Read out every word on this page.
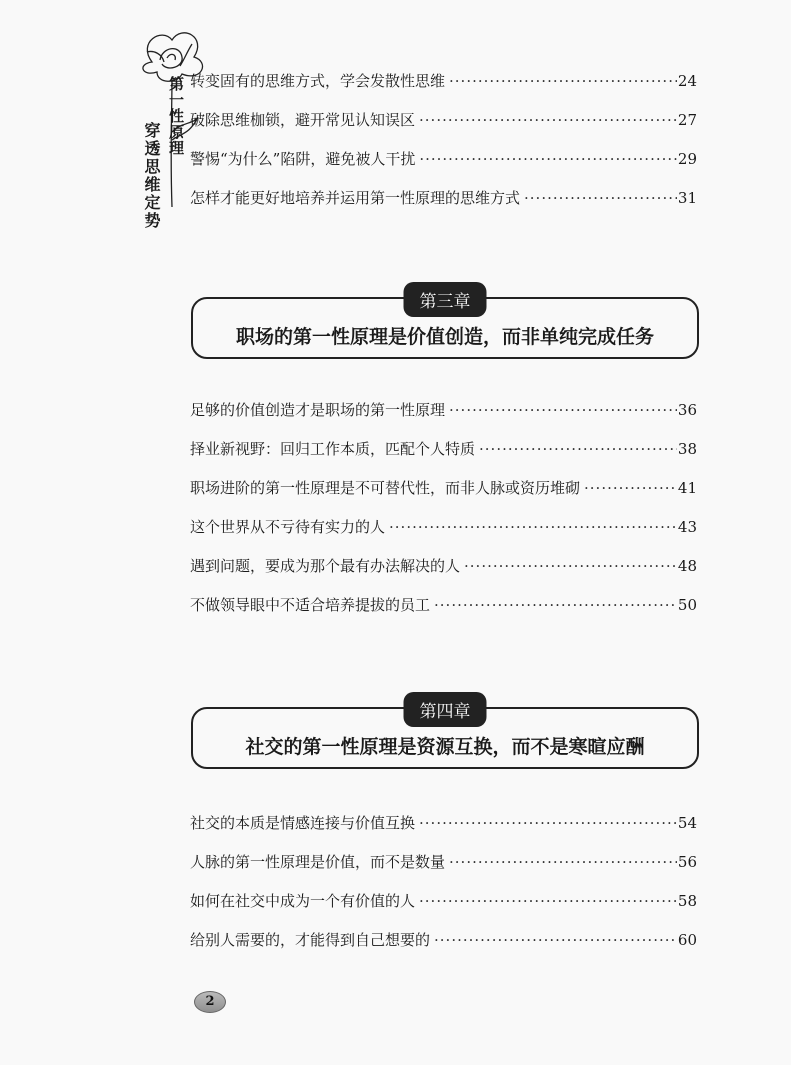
第一性原理
穿透思维定势
转变固有的思维方式，学会发散性思维 ·····	24
破除思维枷锁，避开常见认知误区 ·····	27
警惕“为什么”陷阱，避免被人干扰 ·····	29
怎样才能更好地培养并运用第一性原理的思维方式 ·····	31
第三章
职场的第一性原理是价值创造，而非单纯完成任务
足够的价值创造才是职场的第一性原理 ·····	36
择业新视野：回归工作本质，匹配个人特质 ·····	38
职场进阶的第一性原理是不可替代性，而非人脉或资历堆砌 ·····	41
这个世界从不亏待有实力的人 ·····	43
遇到问题，要成为那个最有办法解决的人 ·····	48
不做领导眼中不适合培养提拔的员工 ·····	50
第四章
社交的第一性原理是资源互换，而不是寒暄应酬
社交的本质是情感连接与价值互换 ·····	54
人脉的第一性原理是价值，而不是数量 ·····	56
如何在社交中成为一个有价值的人 ·····	58
给别人需要的，才能得到自己想要的 ·····	60
2
